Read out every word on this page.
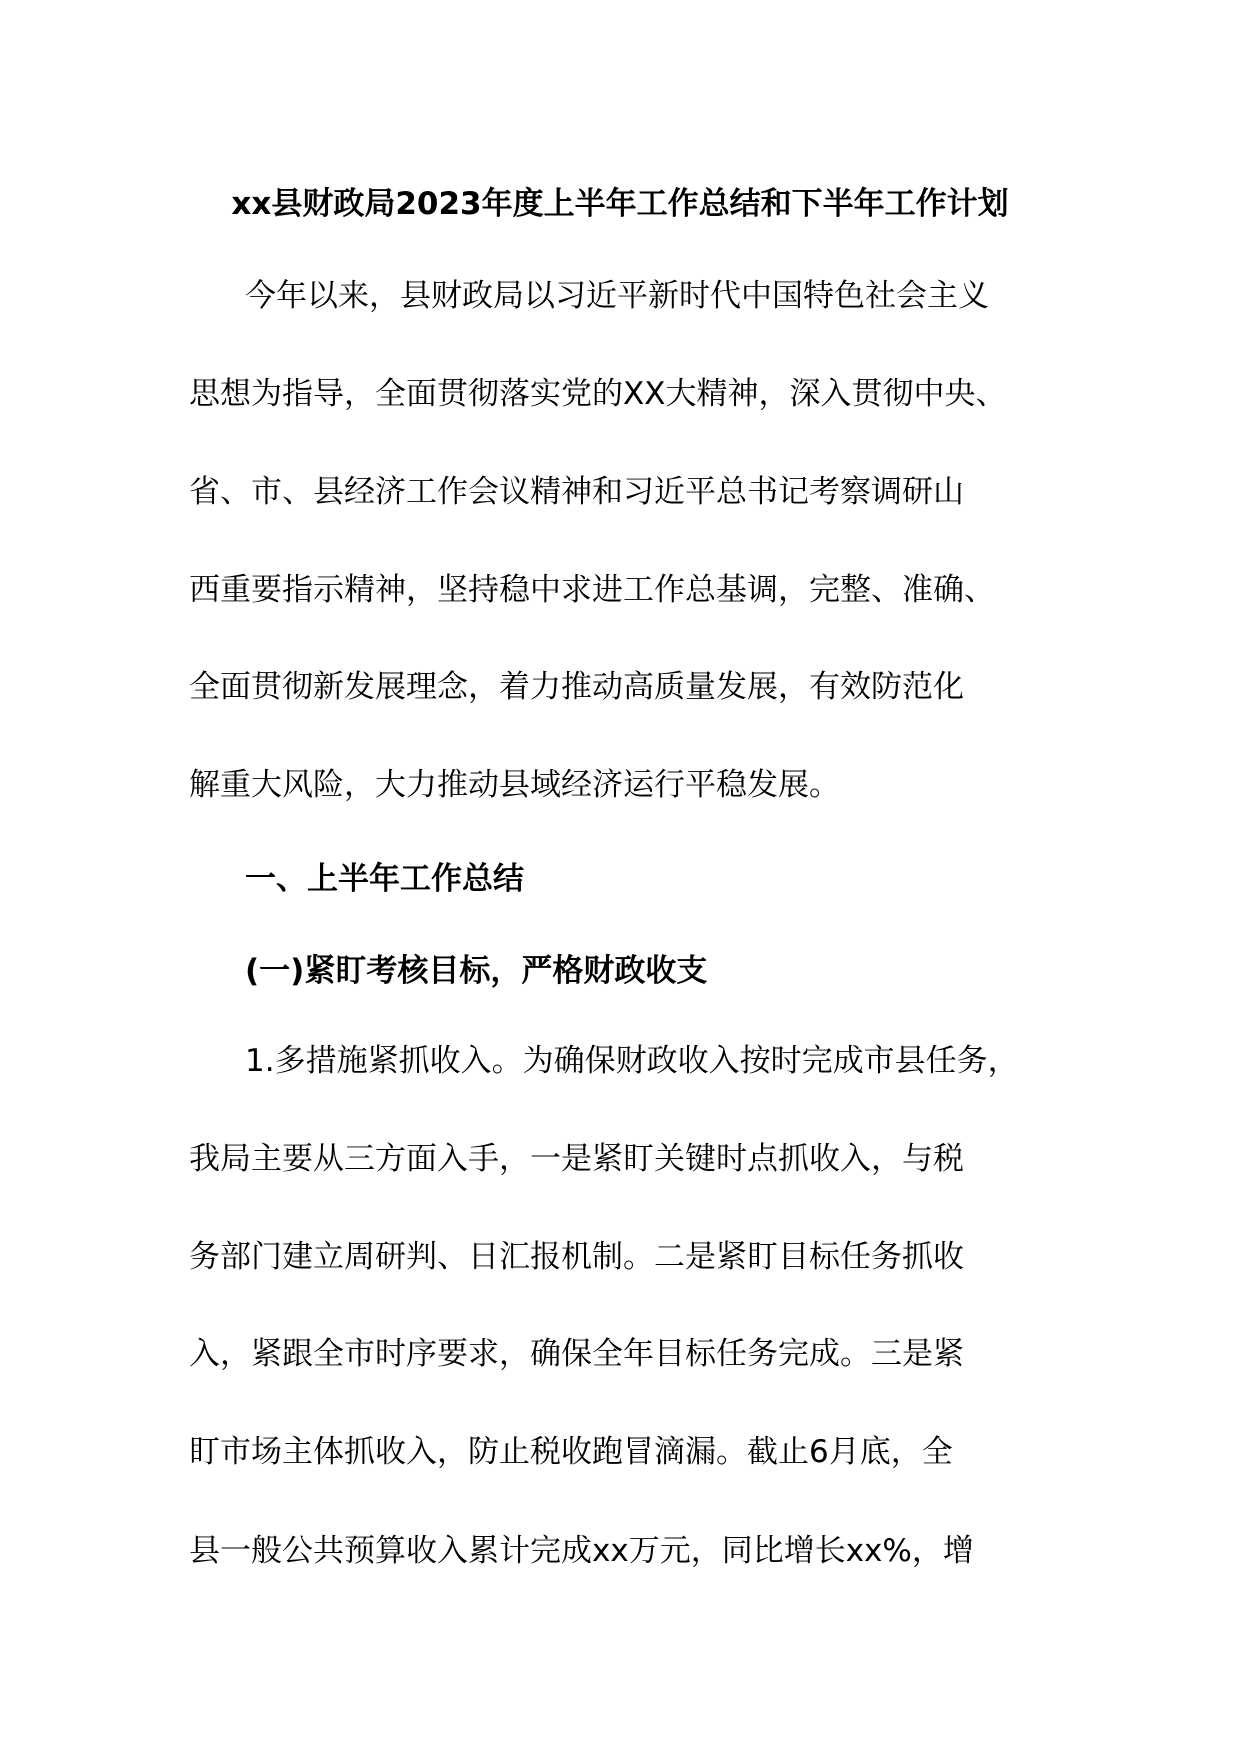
xx县财政局2023年度上半年工作总结和下半年工作计划
今年以来，县财政局以习近平新时代中国特色社会主义
思想为指导，全面贯彻落实党的XX大精神，深入贯彻中央、
省、市、县经济工作会议精神和习近平总书记考察调研山
西重要指示精神，坚持稳中求进工作总基调，完整、准确、
全面贯彻新发展理念，着力推动高质量发展，有效防范化
解重大风险，大力推动县域经济运行平稳发展。
一、上半年工作总结
(一)紧盯考核目标，严格财政收支
1.多措施紧抓收入。为确保财政收入按时完成市县任务，
我局主要从三方面入手，一是紧盯关键时点抓收入，与税
务部门建立周研判、日汇报机制。二是紧盯目标任务抓收
入，紧跟全市时序要求，确保全年目标任务完成。三是紧
盯市场主体抓收入，防止税收跑冒滴漏。截止6月底，全
县一般公共预算收入累计完成xx万元，同比增长xx%，增
